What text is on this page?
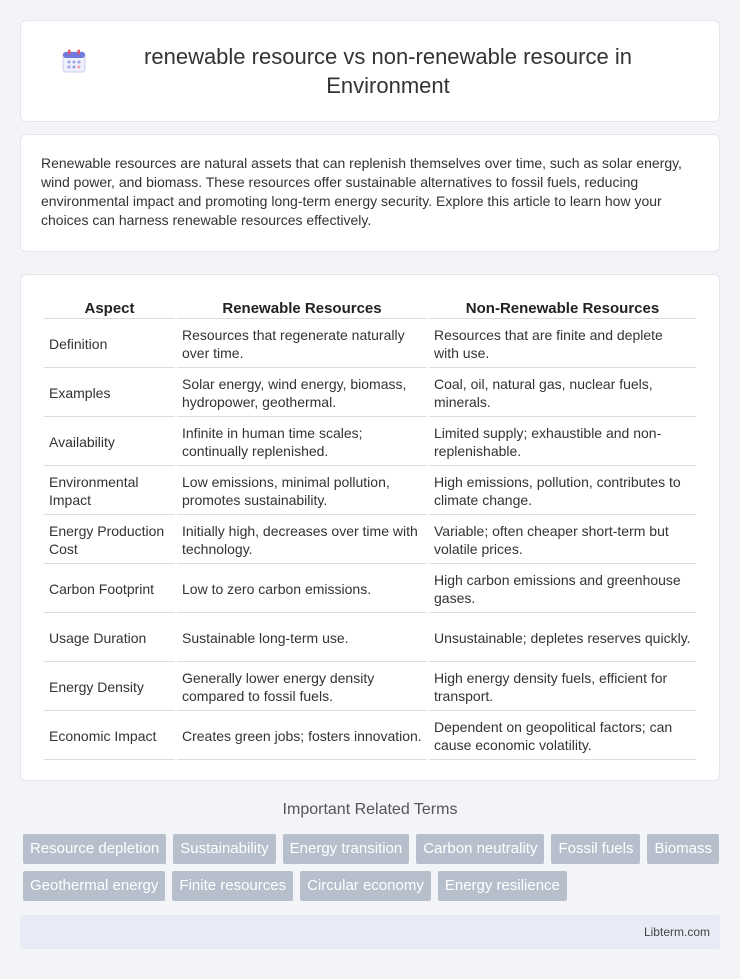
renewable resource vs non-renewable resource in Environment

Renewable resources are natural assets that can replenish themselves over time, such as solar energy, wind power, and biomass. These resources offer sustainable alternatives to fossil fuels, reducing environmental impact and promoting long-term energy security. Explore this article to learn how your choices can harness renewable resources effectively.

Aspect	Renewable Resources	Non-Renewable Resources
Definition	Resources that regenerate naturally over time.	Resources that are finite and deplete with use.
Examples	Solar energy, wind energy, biomass, hydropower, geothermal.	Coal, oil, natural gas, nuclear fuels, minerals.
Availability	Infinite in human time scales; continually replenished.	Limited supply; exhaustible and non-replenishable.
Environmental Impact	Low emissions, minimal pollution, promotes sustainability.	High emissions, pollution, contributes to climate change.
Energy Production Cost	Initially high, decreases over time with technology.	Variable; often cheaper short-term but volatile prices.
Carbon Footprint	Low to zero carbon emissions.	High carbon emissions and greenhouse gases.
Usage Duration	Sustainable long-term use.	Unsustainable; depletes reserves quickly.
Energy Density	Generally lower energy density compared to fossil fuels.	High energy density fuels, efficient for transport.
Economic Impact	Creates green jobs; fosters innovation.	Dependent on geopolitical factors; can cause economic volatility.
Important Related Terms
Resource depletion	Sustainability	Energy transition	Carbon neutrality	Fossil fuels	Biomass
Geothermal energy	Finite resources	Circular economy	Energy resilience
Libterm.com
